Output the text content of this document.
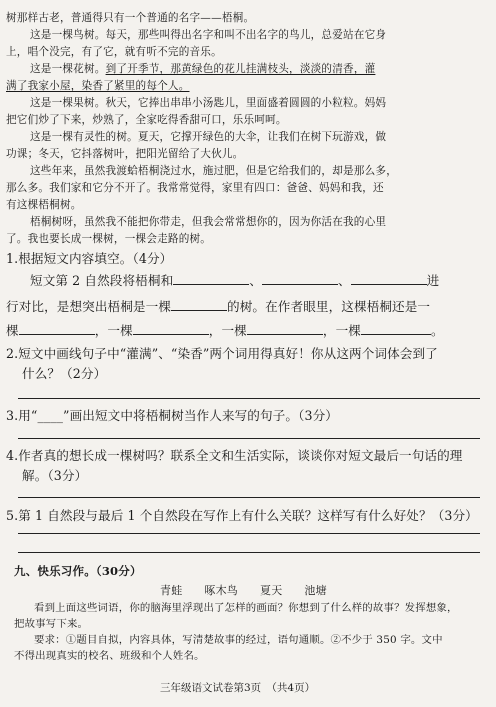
树那样古老，普通得只有一个普通的名字——梧桐。
这是一棵鸟树。每天，那些叫得出名字和叫不出名字的鸟儿，总爱站在它身
上，唱个没完，有了它，就有听不完的音乐。
这是一棵花树。到了开季节，那黄绿色的花儿挂满枝头，淡淡的清香，灌
满了我家小屋，染香了紧里的每个人。
这是一棵果树。秋天，它捧出串串小汤匙儿，里面盛着圆圆的小粒粒。妈妈
把它们炒了下来，炒熟了，全家吃得香甜可口，乐乐呵呵。
这是一棵有灵性的树。夏天，它撑开绿色的大伞，让我们在树下玩游戏，做
功课；冬天，它抖落树叶，把阳光留给了大伙儿。
这些年来，虽然我渡蛤梧桐浇过水，施过肥，但是它给我们的，却是那么多，
那么多。我们家和它分不开了。我常常觉得，家里有四口：爸爸、妈妈和我，还
有这棵梧桐树。
梧桐树呀，虽然我不能把你带走，但我会常常想你的，因为你活在我的心里
了。我也要长成一棵树，一棵会走路的树。
1.根据短文内容填空。（4分）
短文第 2 自然段将梧桐和	、	、	进
行对比，是想突出梧桐是一棵	的树。在作者眼里，这棵梧桐还是一
棵	，一棵	，一棵	，一棵	。
2.短文中画线句子中“灌满”、“染香”两个词用得真好！你从这两个词体会到了
什么？（2分）
3.用“____”画出短文中将梧桐树当作人来写的句子。（3分）
4.作者真的想长成一棵树吗？联系全文和生活实际，谈谈你对短文最后一句话的理
解。（3分）
5.第 1 自然段与最后 1 个自然段在写作上有什么关联？这样写有什么好处？（3分）
九、快乐习作。（30分）
青蛙 啄木鸟 夏天 池塘
看到上面这些词语，你的脑海里浮现出了怎样的画面？你想到了什么样的故事？发挥想象，
把故事写下来。
要求：①题目自拟，内容具体，写清楚故事的经过，语句通顺。②不少于 350 字。文中
不得出现真实的校名、班级和个人姓名。
三年级语文试卷第3页　（共4页）
